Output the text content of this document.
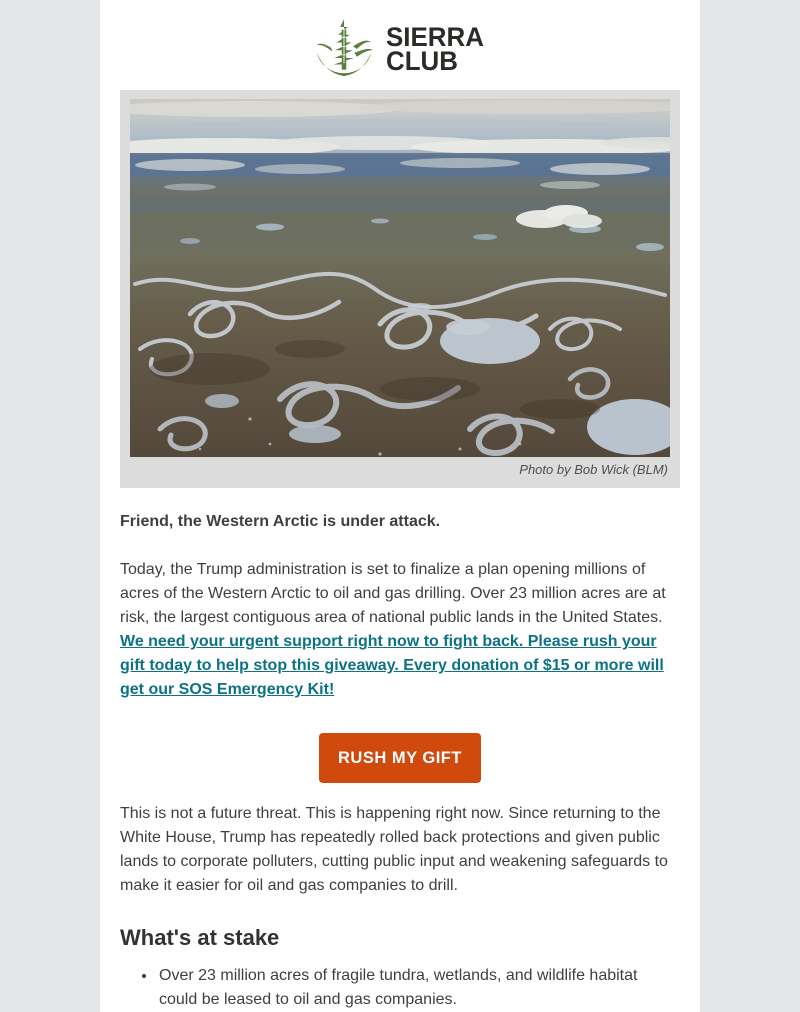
SIERRA
CLUB
Photo by Bob Wick (BLM)

Friend, the Western Arctic is under attack.

Today, the Trump administration is set to finalize a plan opening millions of acres of the Western Arctic to oil and gas drilling. Over 23 million acres are at risk, the largest contiguous area of national public lands in the United States. We need your urgent support right now to fight back. Please rush your gift today to help stop this giveaway. Every donation of $15 or more will get our SOS Emergency Kit!

RUSH MY GIFT

This is not a future threat. This is happening right now. Since returning to the White House, Trump has repeatedly rolled back protections and given public lands to corporate polluters, cutting public input and weakening safeguards to make it easier for oil and gas companies to drill.

What's at stake
• Over 23 million acres of fragile tundra, wetlands, and wildlife habitat could be leased to oil and gas companies.
